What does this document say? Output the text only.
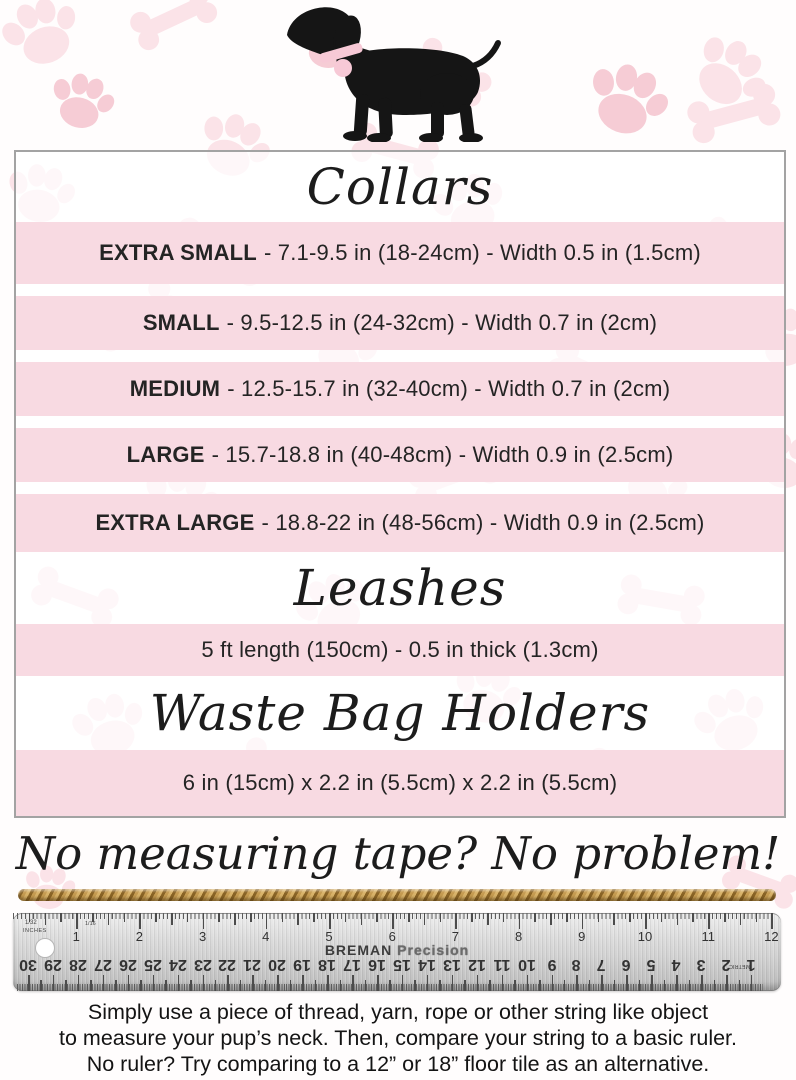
Collars
EXTRA SMALL - 7.1-9.5 in (18-24cm) - Width 0.5 in (1.5cm)
SMALL - 9.5-12.5 in (24-32cm) - Width 0.7 in (2cm)
MEDIUM - 12.5-15.7 in (32-40cm) - Width 0.7 in (2cm)
LARGE - 15.7-18.8 in (40-48cm) - Width 0.9 in (2.5cm)
EXTRA LARGE - 18.8-22 in (48-56cm) - Width 0.9 in (2.5cm)
Leashes
5 ft length (150cm) - 0.5 in thick (1.3cm)
Waste Bag Holders
6 in (15cm) x 2.2 in (5.5cm) x 2.2 in (5.5cm)
No measuring tape? No problem!
1	2	3	4	5	6	7	8	9	10	11	12
1/32
INCHES
1/16
BREMAN Precision
30 29 28 27 26 25 24 23 22 21 20 19 18 17 16 15 14 13 12 11 10 9 8 7 6 5 4 3 2 1
METRIC
Simply use a piece of thread, yarn, rope or other string like object
to measure your pup’s neck. Then, compare your string to a basic ruler.
No ruler? Try comparing to a 12” or 18” floor tile as an alternative.
